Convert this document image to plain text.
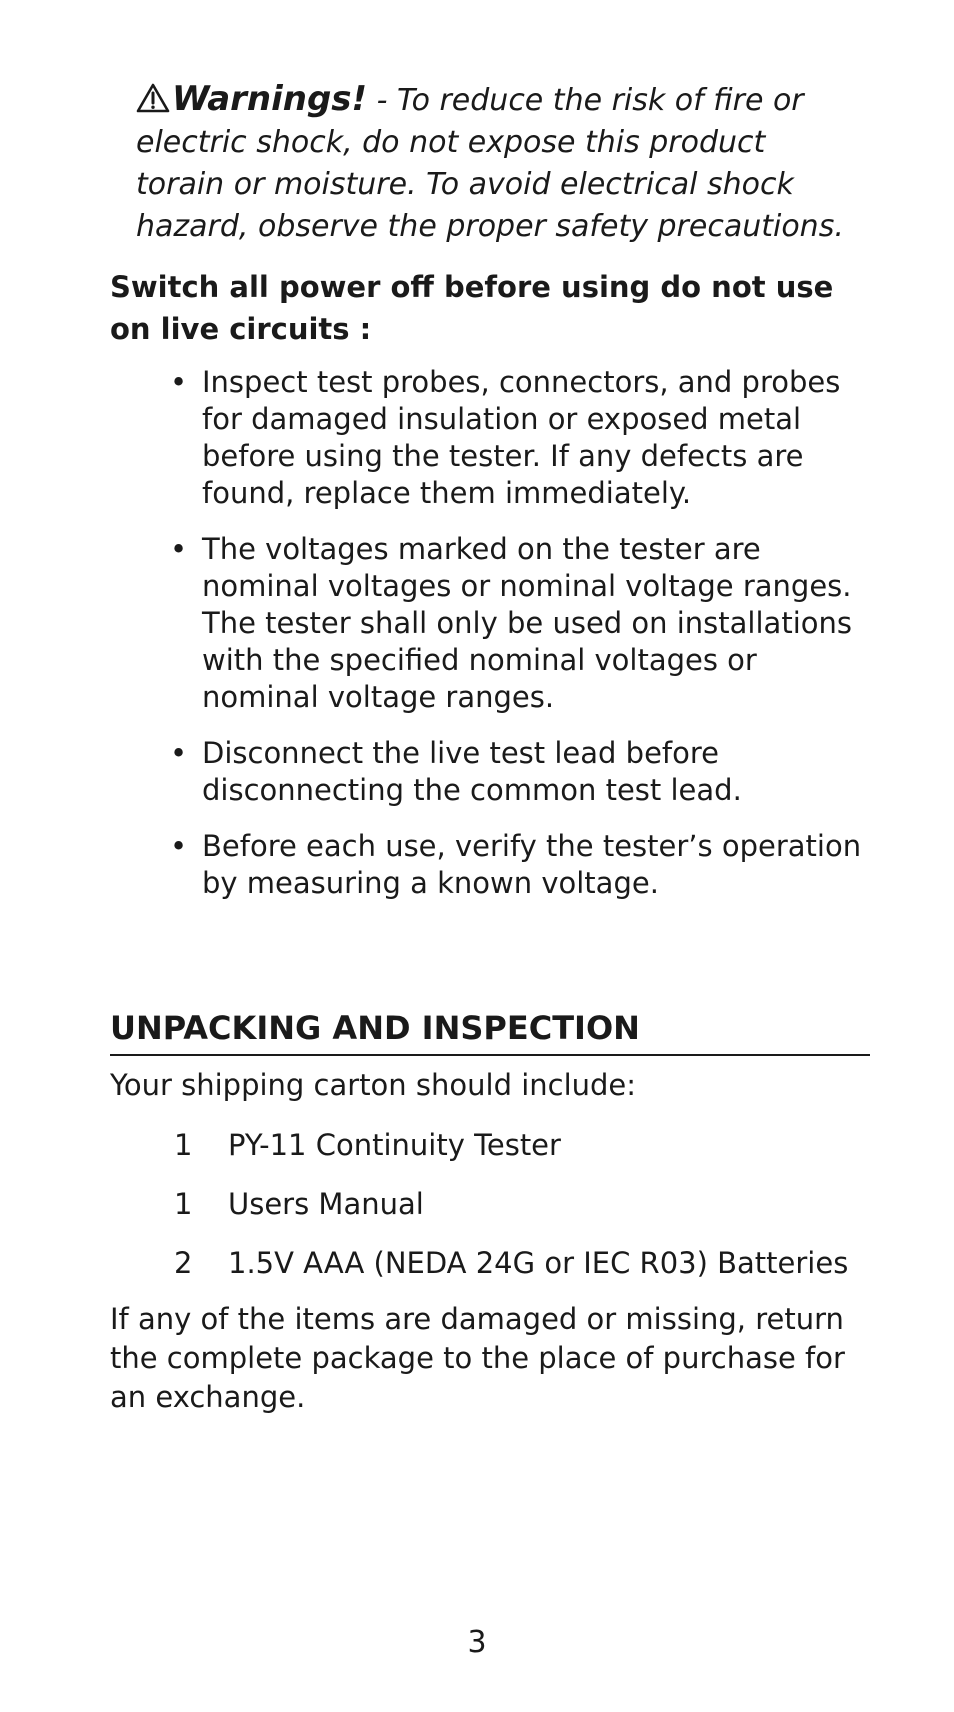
Warnings! - To reduce the risk of fire or electric shock, do not expose this product torain or moisture. To avoid electrical shock hazard, observe the proper safety precautions.
Switch all power off before using do not use on live circuits :
• Inspect test probes, connectors, and probes for damaged insulation or exposed metal before using the tester. If any defects are found, replace them immediately.
• The voltages marked on the tester are nominal voltages or nominal voltage ranges. The tester shall only be used on installations with the specified nominal voltages or nominal voltage ranges.
• Disconnect the live test lead before disconnecting the common test lead.
• Before each use, verify the tester’s operation by measuring a known voltage.
UNPACKING AND INSPECTION
Your shipping carton should include:
1 PY-11 Continuity Tester
1 Users Manual
2 1.5V AAA (NEDA 24G or IEC R03) Batteries
If any of the items are damaged or missing, return the complete package to the place of purchase for an exchange.
3
